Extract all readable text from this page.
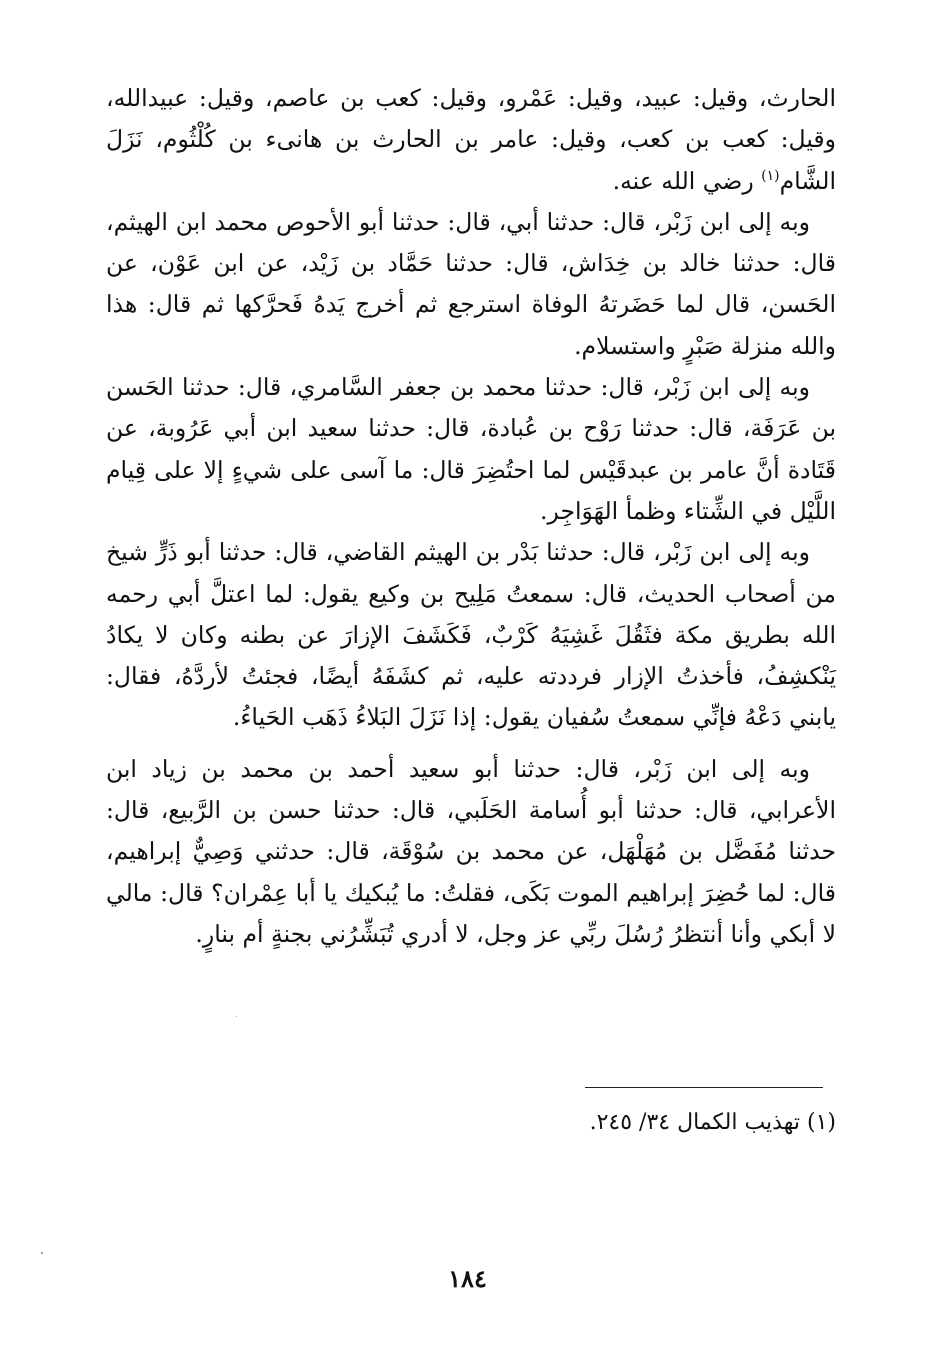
الحارث، وقيل: عبيد، وقيل: عَمْرو، وقيل: كعب بن عاصم، وقيل: عبيدالله، وقيل: كعب بن كعب، وقيل: عامر بن الحارث بن هانىء بن كُلْثُوم، نَزَلَ الشَّام$^{(١)}$ رضي الله عنه.

وبه إلى ابن زَبْر، قال: حدثنا أبي، قال: حدثنا أبو الأحوص محمد ابن الهيثم، قال: حدثنا خالد بن خِدَاش، قال: حدثنا حَمَّاد بن زَيْد، عن ابن عَوْن، عن الحَسن، قال لما حَضَرتهُ الوفاة استرجع ثم أخرج يَدهُ فَحرَّكها ثم قال: هذا والله منزلة صَبْرٍ واستسلام.

وبه إلى ابن زَبْر، قال: حدثنا محمد بن جعفر السَّامري، قال: حدثنا الحَسن بن عَرَفَة، قال: حدثنا رَوْح بن عُبادة، قال: حدثنا سعيد ابن أبي عَرُوبة، عن قَتَادة أنَّ عامر بن عبدقَيْس لما احتُضِرَ قال: ما آسى على شيءٍ إلا على قِيام اللَّيْل في الشِّتاء وظمأ الهَوَاجِر.

وبه إلى ابن زَبْر، قال: حدثنا بَدْر بن الهيثم القاضي، قال: حدثنا أبو ذَرٍّ شيخ من أصحاب الحديث، قال: سمعتُ مَلِيح بن وكيع يقول: لما اعتلَّ أبي رحمه الله بطريق مكة فثَقُلَ غَشِيَهُ كَرْبٌ، فَكَشَفَ الإزارَ عن بطنه وكان لا يكادُ يَنْكشِفُ، فأخذتُ الإزار فرددته عليه، ثم كشَفَهُ أيضًا، فجئتُ لأردَّهُ، فقال: يابني دَعْهُ فإنِّي سمعتُ سُفيان يقول: إذا نَزَلَ البَلاءُ ذَهَب الحَياءُ.

وبه إلى ابن زَبْر، قال: حدثنا أبو سعيد أحمد بن محمد بن زياد ابن الأعرابي، قال: حدثنا أبو أُسامة الحَلَبي، قال: حدثنا حسن بن الرَّبيع، قال: حدثنا مُفَضَّل بن مُهَلْهَل، عن محمد بن سُوْقَة، قال: حدثني وَصِيٌّ إبراهيم، قال: لما حُضِرَ إبراهيم الموت بَكَى، فقلتُ: ما يُبكيك يا أبا عِمْران؟ قال: مالي لا أبكي وأنا أنتظرُ رُسُلَ ربِّي عز وجل، لا أدري تُبَشِّرُني بجنةٍ أم بنارٍ.

(١) تهذيب الكمال ٣٤/ ٢٤٥.
١٨٤
